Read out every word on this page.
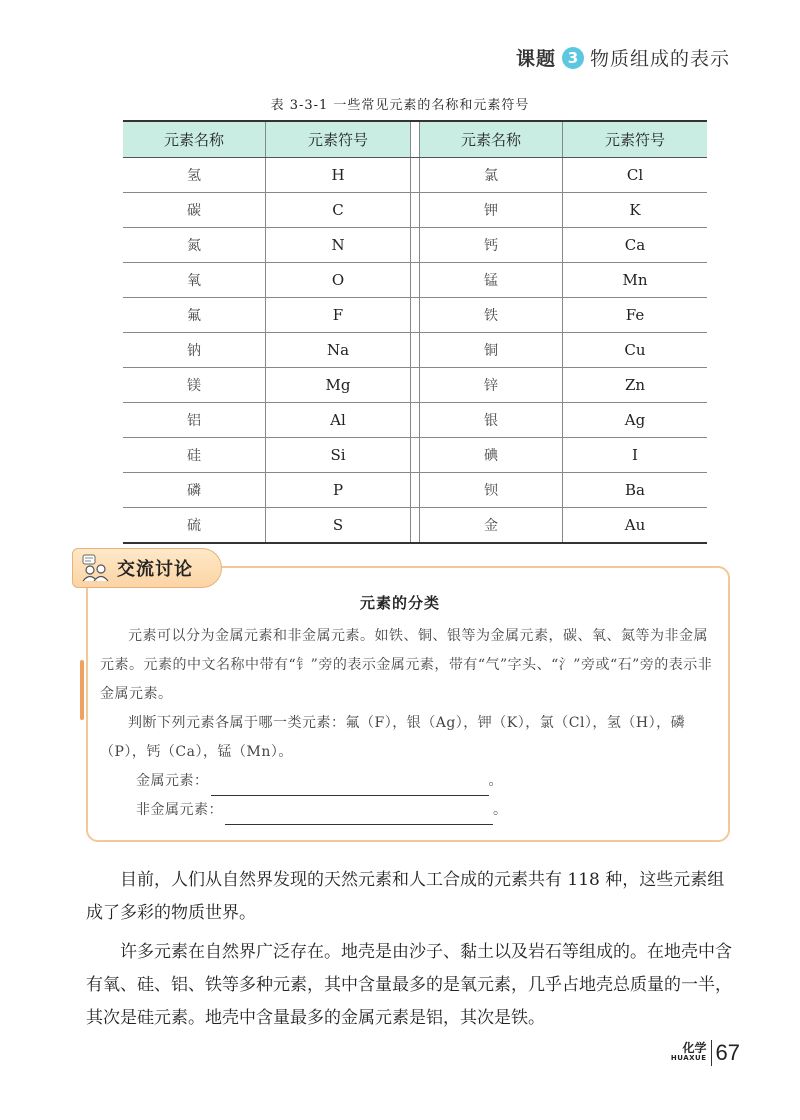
课题 3 物质组成的表示
表 3-3-1 一些常见元素的名称和元素符号
元素名称	元素符号		元素名称	元素符号
氢	H		氯	Cl
碳	C		钾	K
氮	N		钙	Ca
氧	O		锰	Mn
氟	F		铁	Fe
钠	Na		铜	Cu
镁	Mg		锌	Zn
铝	Al		银	Ag
硅	Si		碘	I
磷	P		钡	Ba
硫	S		金	Au
交流讨论
元素的分类

元素可以分为金属元素和非金属元素。如铁、铜、银等为金属元素，碳、氧、氮等为非金属元素。元素的中文名称中带有“钅”旁的表示金属元素，带有“气”字头、“氵”旁或“石”旁的表示非金属元素。

判断下列元素各属于哪一类元素：氟（F），银（Ag），钾（K），氯（Cl），氢（H），磷（P），钙（Ca），锰（Mn）。

金属元素：	。
非金属元素：	。

目前，人们从自然界发现的天然元素和人工合成的元素共有 118 种，这些元素组成了多彩的物质世界。

许多元素在自然界广泛存在。地壳是由沙子、黏土以及岩石等组成的。在地壳中含有氧、硅、铝、铁等多种元素，其中含量最多的是氧元素，几乎占地壳总质量的一半，其次是硅元素。地壳中含量最多的金属元素是铝，其次是铁。

化学
HUAXUE 67
